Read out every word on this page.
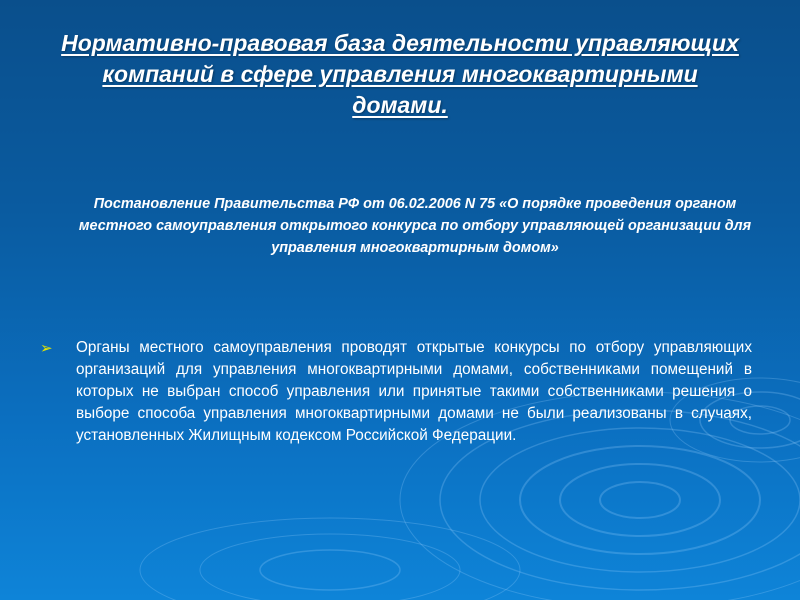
Нормативно-правовая база деятельности управляющих компаний в сфере управления многоквартирными домами.
Постановление Правительства РФ от 06.02.2006 N 75 «О порядке проведения органом местного самоуправления открытого конкурса по отбору управляющей организации для управления многоквартирным домом»
➢	Органы местного самоуправления проводят открытые конкурсы по отбору управляющих организаций для управления многоквартирными домами, собственниками помещений в которых не выбран способ управления или принятые такими собственниками решения о выборе способа управления многоквартирными домами не были реализованы в случаях, установленных Жилищным кодексом Российской Федерации.
